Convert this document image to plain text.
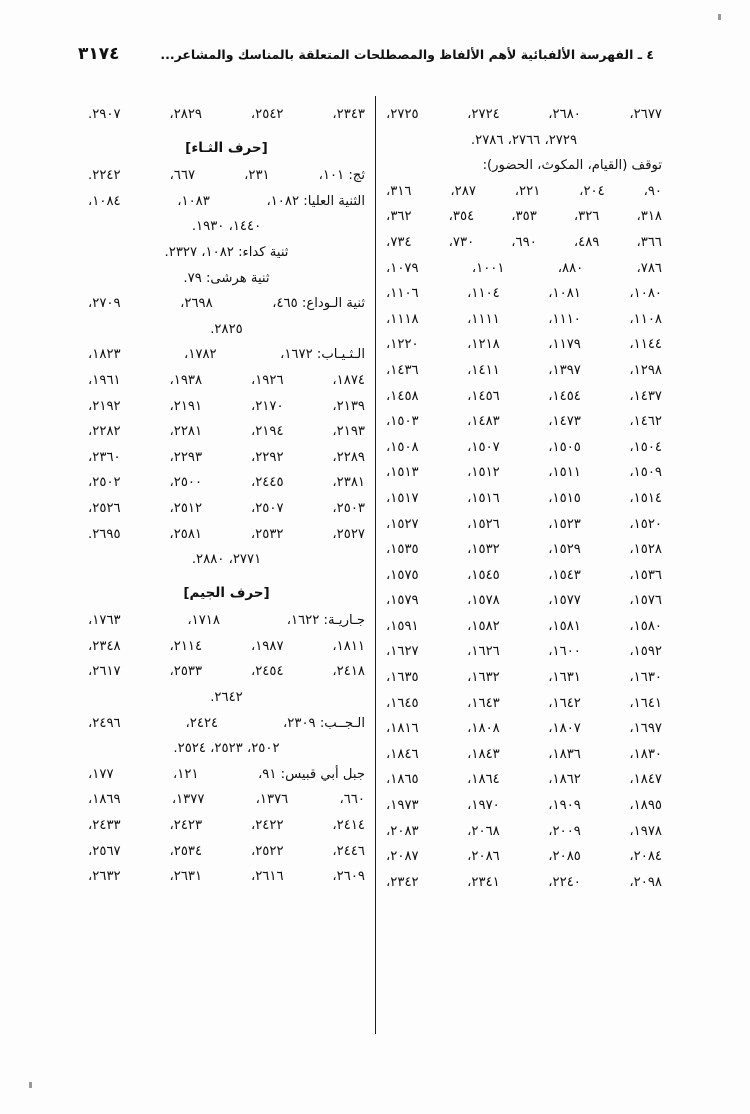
٣١٧٤	٤ ـ الفهرسة الألفبائية لأهم الألفاظ والمصطلحات المتعلقة بالمناسك والمشاعر...
٢٦٧٧،
٢٦٨٠،
٢٧٢٤،
٢٧٢٥،
٢٧٢٩، ٢٧٦٦، ٢٧٨٦.
توقف (القيام، المكوث، الحضور):
٩٠،
٢٠٤،
٢٢١،
٢٨٧،
٣١٦،
٣١٨،
٣٢٦،
٣٥٣،
٣٥٤،
٣٦٢،
٣٦٦،
٤٨٩،
٦٩٠،
٧٣٠،
٧٣٤،
٧٨٦،
٨٨٠،
١٠٠١،
١٠٧٩،
١٠٨٠،
١٠٨١،
١١٠٤،
١١٠٦،
١١٠٨،
١١١٠،
١١١١،
١١١٨،
١١٤٤،
١١٧٩،
١٢١٨،
١٢٢٠،
١٢٩٨،
١٣٩٧،
١٤١١،
١٤٣٦،
١٤٣٧،
١٤٥٤،
١٤٥٦،
١٤٥٨،
١٤٦٢،
١٤٧٣،
١٤٨٣،
١٥٠٣،
١٥٠٤،
١٥٠٥،
١٥٠٧،
١٥٠٨،
١٥٠٩،
١٥١١،
١٥١٢،
١٥١٣،
١٥١٤،
١٥١٥،
١٥١٦،
١٥١٧،
١٥٢٠،
١٥٢٣،
١٥٢٦،
١٥٢٧،
١٥٢٨،
١٥٢٩،
١٥٣٢،
١٥٣٥،
١٥٣٦،
١٥٤٣،
١٥٤٥،
١٥٧٥،
١٥٧٦،
١٥٧٧،
١٥٧٨،
١٥٧٩،
١٥٨٠،
١٥٨١،
١٥٨٢،
١٥٩١،
١٥٩٢،
١٦٠٠،
١٦٢٦،
١٦٢٧،
١٦٣٠،
١٦٣١،
١٦٣٢،
١٦٣٥،
١٦٤١،
١٦٤٢،
١٦٤٣،
١٦٤٥،
١٦٩٧،
١٨٠٧،
١٨٠٨،
١٨١٦،
١٨٣٠،
١٨٣٦،
١٨٤٣،
١٨٤٦،
١٨٤٧،
١٨٦٢،
١٨٦٤،
١٨٦٥،
١٨٩٥،
١٩٠٩،
١٩٧٠،
١٩٧٣،
١٩٧٨،
٢٠٠٩،
٢٠٦٨،
٢٠٨٣،
٢٠٨٤،
٢٠٨٥،
٢٠٨٦،
٢٠٨٧،
٢٠٩٨،
٢٢٤٠،
٢٣٤١،
٢٣٤٢،
٢٣٤٣،
٢٥٤٢،
٢٨٢٩،
٢٩٠٧.
[حرف الثـاء]
ثج: ١٠١،
٢٣١،
٦٦٧،
٢٢٤٢.
الثنية العليا: ١٠٨٢،
١٠٨٣،
١٠٨٤،
١٤٤٠، ١٩٣٠.
ثنية كداء: ١٠٨٢، ٢٣٢٧.
ثنية هرشى: ٧٩.
ثنية الـوداع: ٤٦٥،
٢٦٩٨،
٢٧٠٩،
٢٨٢٥.
الـثـيـاب: ١٦٧٢،
١٧٨٢،
١٨٢٣،
١٨٧٤،
١٩٢٦،
١٩٣٨،
١٩٦١،
٢١٣٩،
٢١٧٠،
٢١٩١،
٢١٩٢،
٢١٩٣،
٢١٩٤،
٢٢٨١،
٢٢٨٢،
٢٢٨٩،
٢٢٩٢،
٢٢٩٣،
٢٣٦٠،
٢٣٨١،
٢٤٤٥،
٢٥٠٠،
٢٥٠٢،
٢٥٠٣،
٢٥٠٧،
٢٥١٢،
٢٥٢٦،
٢٥٢٧،
٢٥٣٢،
٢٥٨١،
٢٦٩٥.
٢٧٧١، ٢٨٨٠.
[حرف الجيم]
جـاريـة: ١٦٢٢،
١٧١٨،
١٧٦٣،
١٨١١،
١٩٨٧،
٢١١٤،
٢٣٤٨،
٢٤١٨،
٢٤٥٤،
٢٥٣٣،
٢٦١٧،
٢٦٤٢.
الـجــب: ٢٣٠٩،
٢٤٢٤،
٢٤٩٦،
٢٥٠٢، ٢٥٢٣، ٢٥٢٤.
جبل أبي قبيس: ٩١،
١٢١،
١٧٧،
٦٦٠،
١٣٧٦،
١٣٧٧،
١٨٦٩،
٢٤١٤،
٢٤٢٢،
٢٤٢٣،
٢٤٣٣،
٢٤٤٦،
٢٥٢٢،
٢٥٣٤،
٢٥٦٧،
٢٦٠٩،
٢٦١٦،
٢٦٣١،
٢٦٣٢،
